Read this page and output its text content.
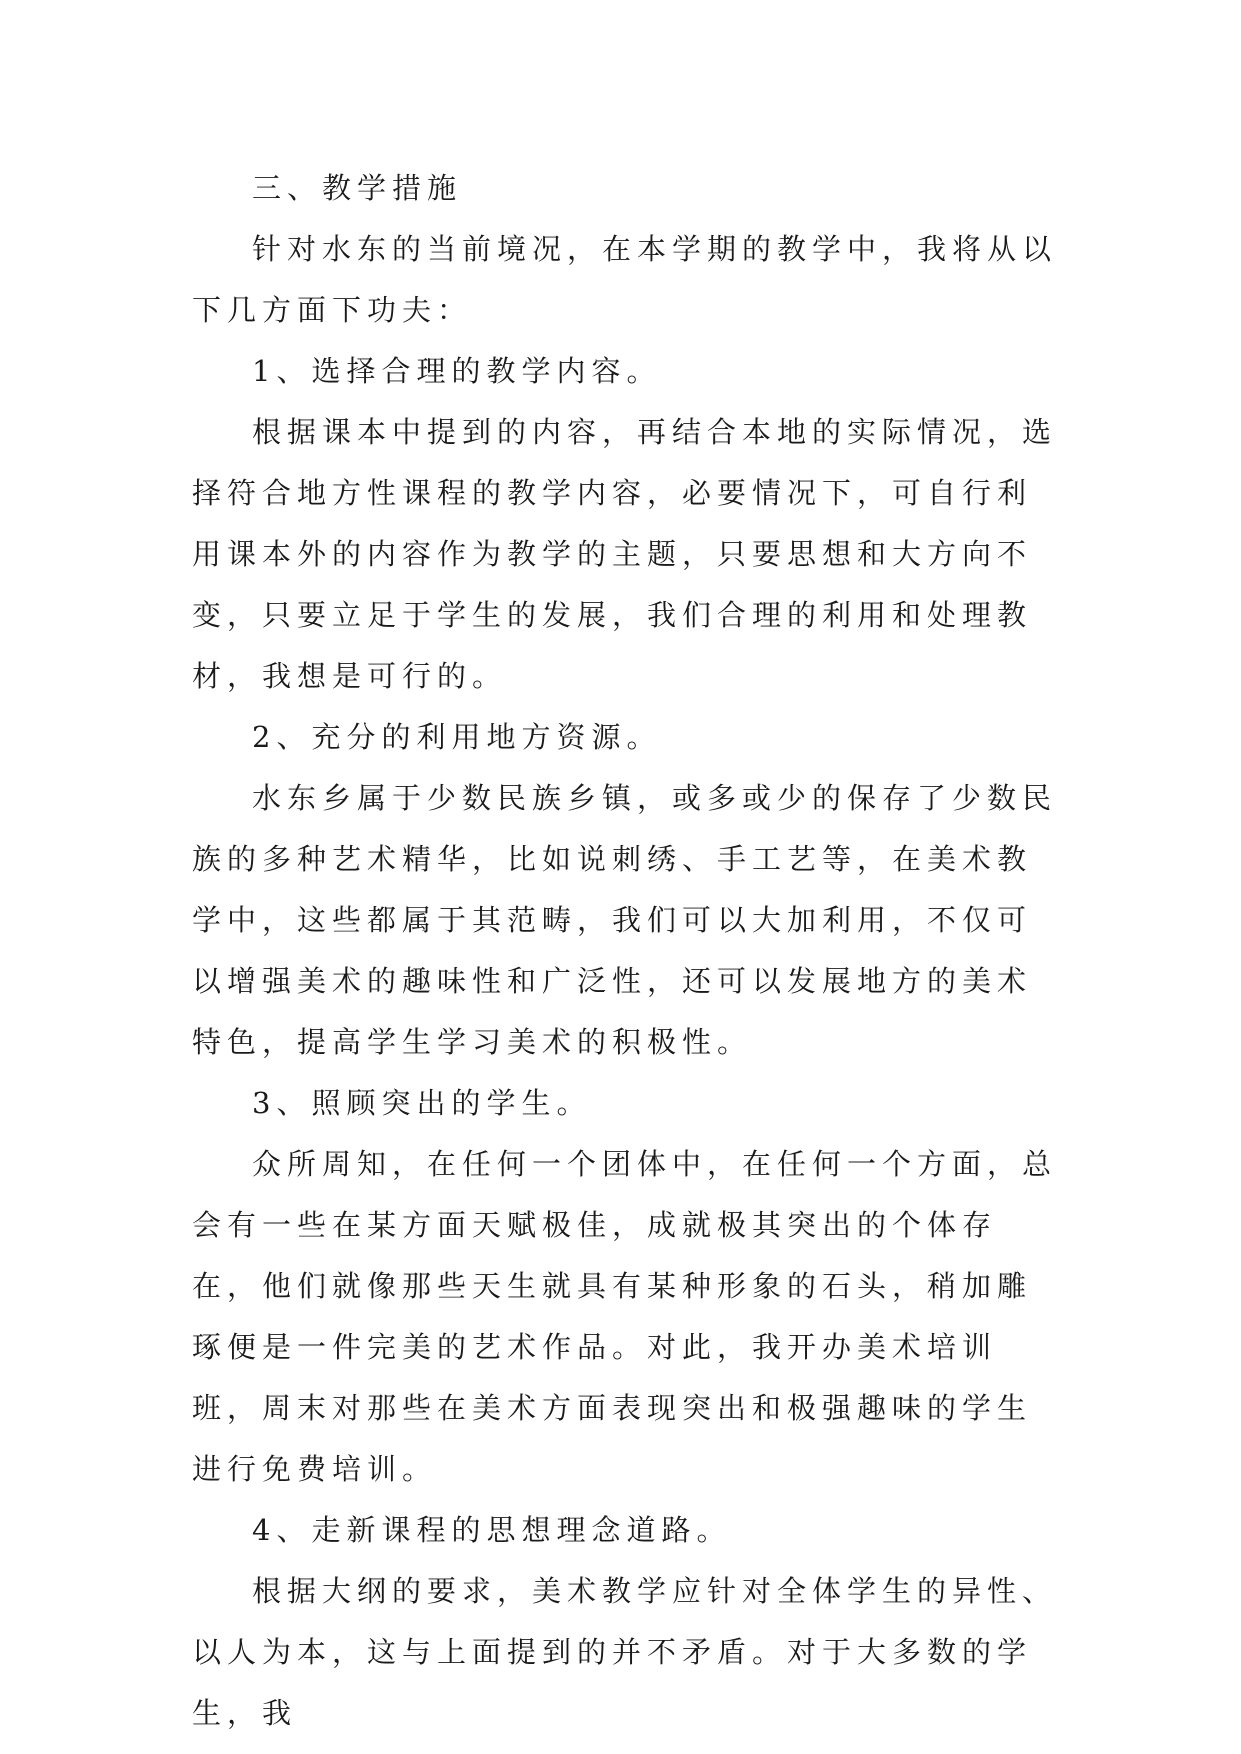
三、教学措施

针对水东的当前境况，在本学期的教学中，我将从以下几方面下功夫：

1、选择合理的教学内容。

根据课本中提到的内容，再结合本地的实际情况，选择符合地方性课程的教学内容，必要情况下，可自行利用课本外的内容作为教学的主题，只要思想和大方向不变，只要立足于学生的发展，我们合理的利用和处理教材，我想是可行的。

2、充分的利用地方资源。

水东乡属于少数民族乡镇，或多或少的保存了少数民族的多种艺术精华，比如说刺绣、手工艺等，在美术教学中，这些都属于其范畴，我们可以大加利用，不仅可以增强美术的趣味性和广泛性，还可以发展地方的美术特色，提高学生学习美术的积极性。

3、照顾突出的学生。

众所周知，在任何一个团体中，在任何一个方面，总会有一些在某方面天赋极佳，成就极其突出的个体存在，他们就像那些天生就具有某种形象的石头，稍加雕琢便是一件完美的艺术作品。对此，我开办美术培训班，周末对那些在美术方面表现突出和极强趣味的学生进行免费培训。

4、走新课程的思想理念道路。

根据大纲的要求，美术教学应针对全体学生的异性、以人为本，这与上面提到的并不矛盾。对于大多数的学生，我
